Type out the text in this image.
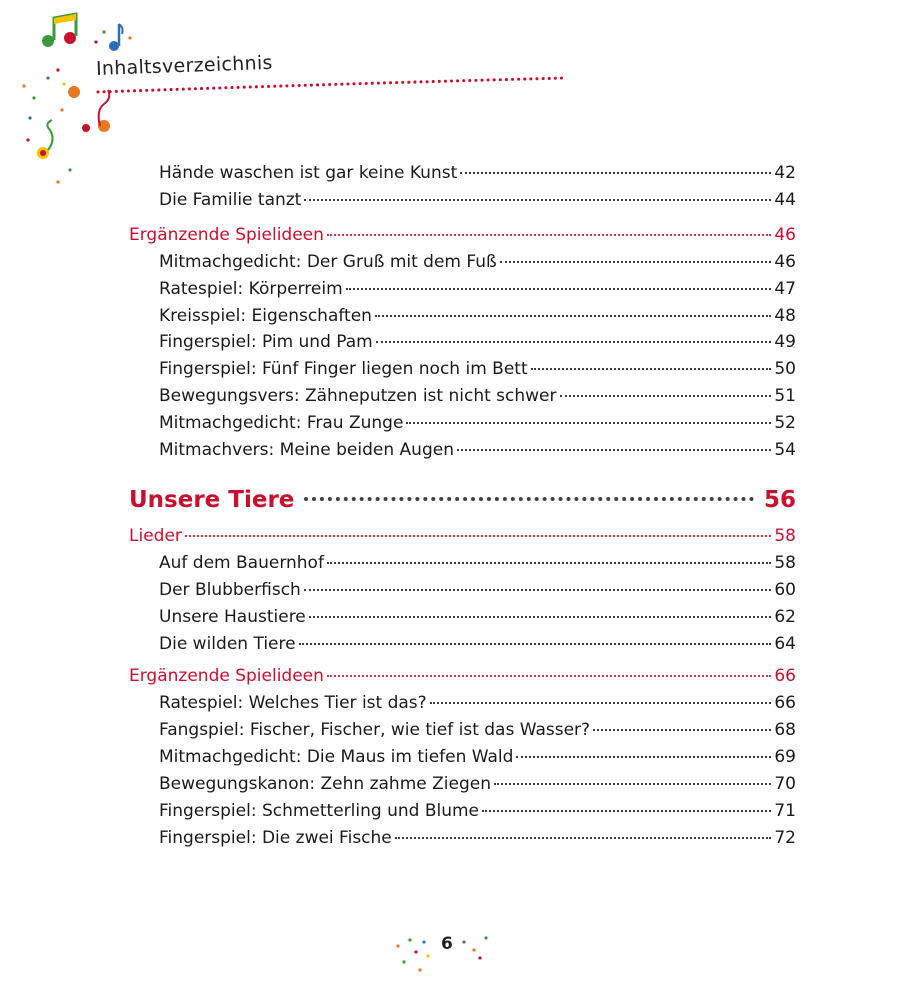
Inhaltsverzeichnis
Hände waschen ist gar keine Kunst	42
Die Familie tanzt	44
Ergänzende Spielideen	46
Mitmachgedicht: Der Gruß mit dem Fuß	46
Ratespiel: Körperreim	47
Kreisspiel: Eigenschaften	48
Fingerspiel: Pim und Pam	49
Fingerspiel: Fünf Finger liegen noch im Bett	50
Bewegungsvers: Zähneputzen ist nicht schwer	51
Mitmachgedicht: Frau Zunge	52
Mitmachvers: Meine beiden Augen	54
Unsere Tiere	56
Lieder	58
Auf dem Bauernhof	58
Der Blubberfisch	60
Unsere Haustiere	62
Die wilden Tiere	64
Ergänzende Spielideen	66
Ratespiel: Welches Tier ist das?	66
Fangspiel: Fischer, Fischer, wie tief ist das Wasser?	68
Mitmachgedicht: Die Maus im tiefen Wald	69
Bewegungskanon: Zehn zahme Ziegen	70
Fingerspiel: Schmetterling und Blume	71
Fingerspiel: Die zwei Fische	72
6
